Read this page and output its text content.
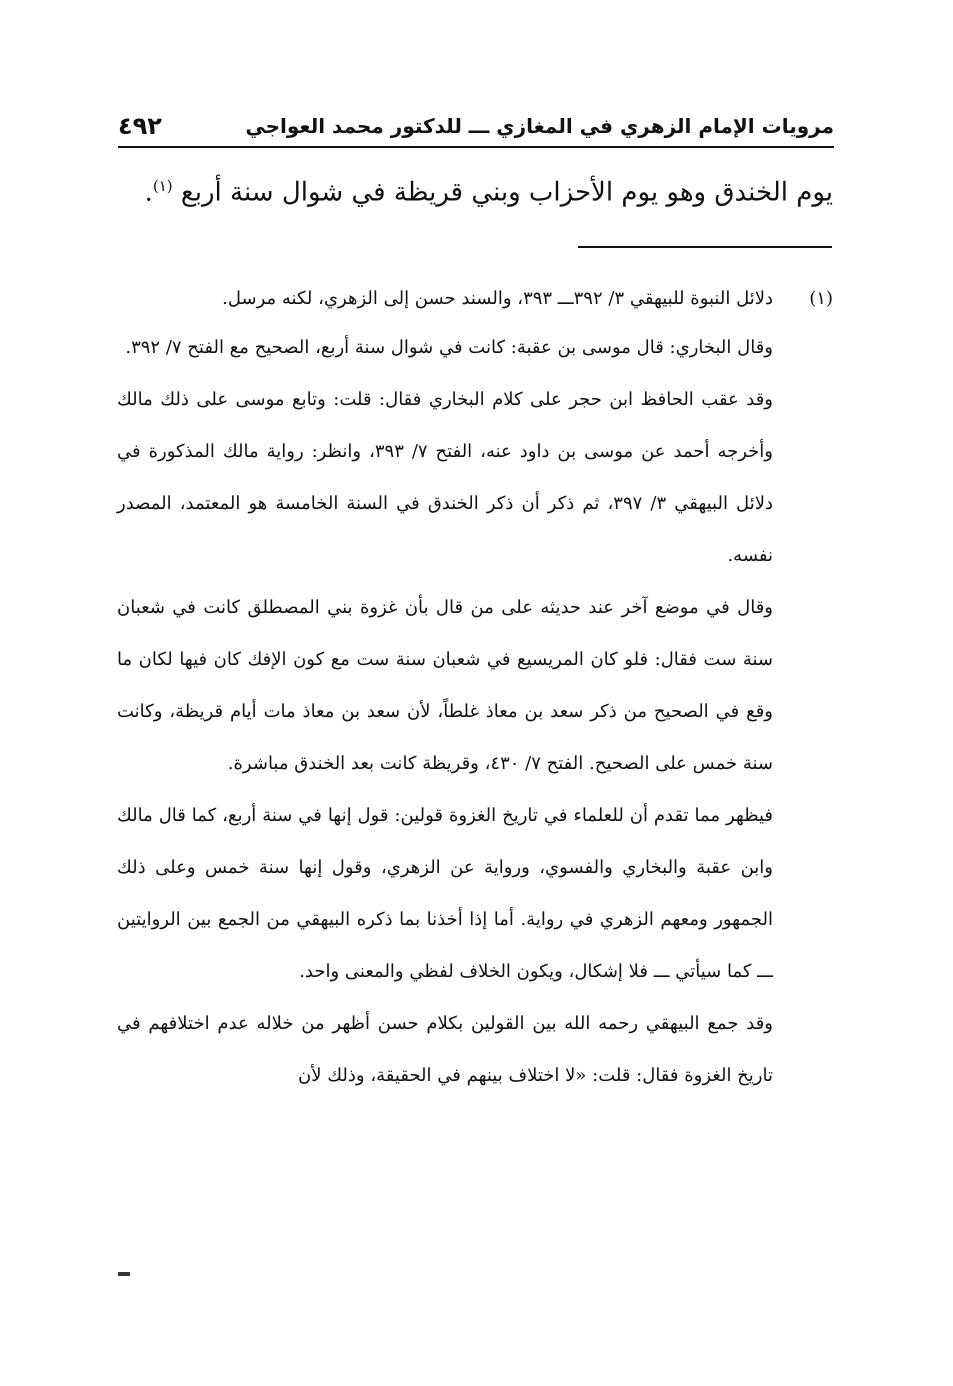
مرويات الإمام الزهري في المغازي ـــ للدكتور محمد العواجي
٤٩٢
يوم الخندق وهو يوم الأحزاب وبني قريظة في شوال سنة أربع $^{(١)}$.
(١)

دلائل النبوة للبيهقي ٣/ ٣٩٢ـــ ٣٩٣، والسند حسن إلى الزهري، لكنه مرسل.

وقال البخاري: قال موسى بن عقبة: كانت في شوال سنة أربع، الصحيح مع الفتح ٧/ ٣٩٢.

وقد عقب الحافظ ابن حجر على كلام البخاري فقال: قلت: وتابع موسى على ذلك مالك وأخرجه أحمد عن موسى بن داود عنه، الفتح ٧/ ٣٩٣، وانظر: رواية مالك المذكورة في دلائل البيهقي ٣/ ٣٩٧، ثم ذكر أن ذكر الخندق في السنة الخامسة هو المعتمد، المصدر نفسه.

وقال في موضع آخر عند حديثه على من قال بأن غزوة بني المصطلق كانت في شعبان سنة ست فقال: فلو كان المريسيع في شعبان سنة ست مع كون الإفك كان فيها لكان ما وقع في الصحيح من ذكر سعد بن معاذ غلطاً، لأن سعد بن معاذ مات أيام قريظة، وكانت سنة خمس على الصحيح. الفتح ٧/ ٤٣٠، وقريظة كانت بعد الخندق مباشرة.

فيظهر مما تقدم أن للعلماء في تاريخ الغزوة قولين: قول إنها في سنة أربع، كما قال مالك وابن عقبة والبخاري والفسوي، ورواية عن الزهري، وقول إنها سنة خمس وعلى ذلك الجمهور ومعهم الزهري في رواية. أما إذا أخذنا بما ذكره البيهقي من الجمع بين الروايتين ـــ كما سيأتي ـــ فلا إشكال، ويكون الخلاف لفظي والمعنى واحد.

وقد جمع البيهقي رحمه الله بين القولين بكلام حسن أظهر من خلاله عدم اختلافهم في تاريخ الغزوة فقال: قلت: «لا اختلاف بينهم في الحقيقة، وذلك لأن
